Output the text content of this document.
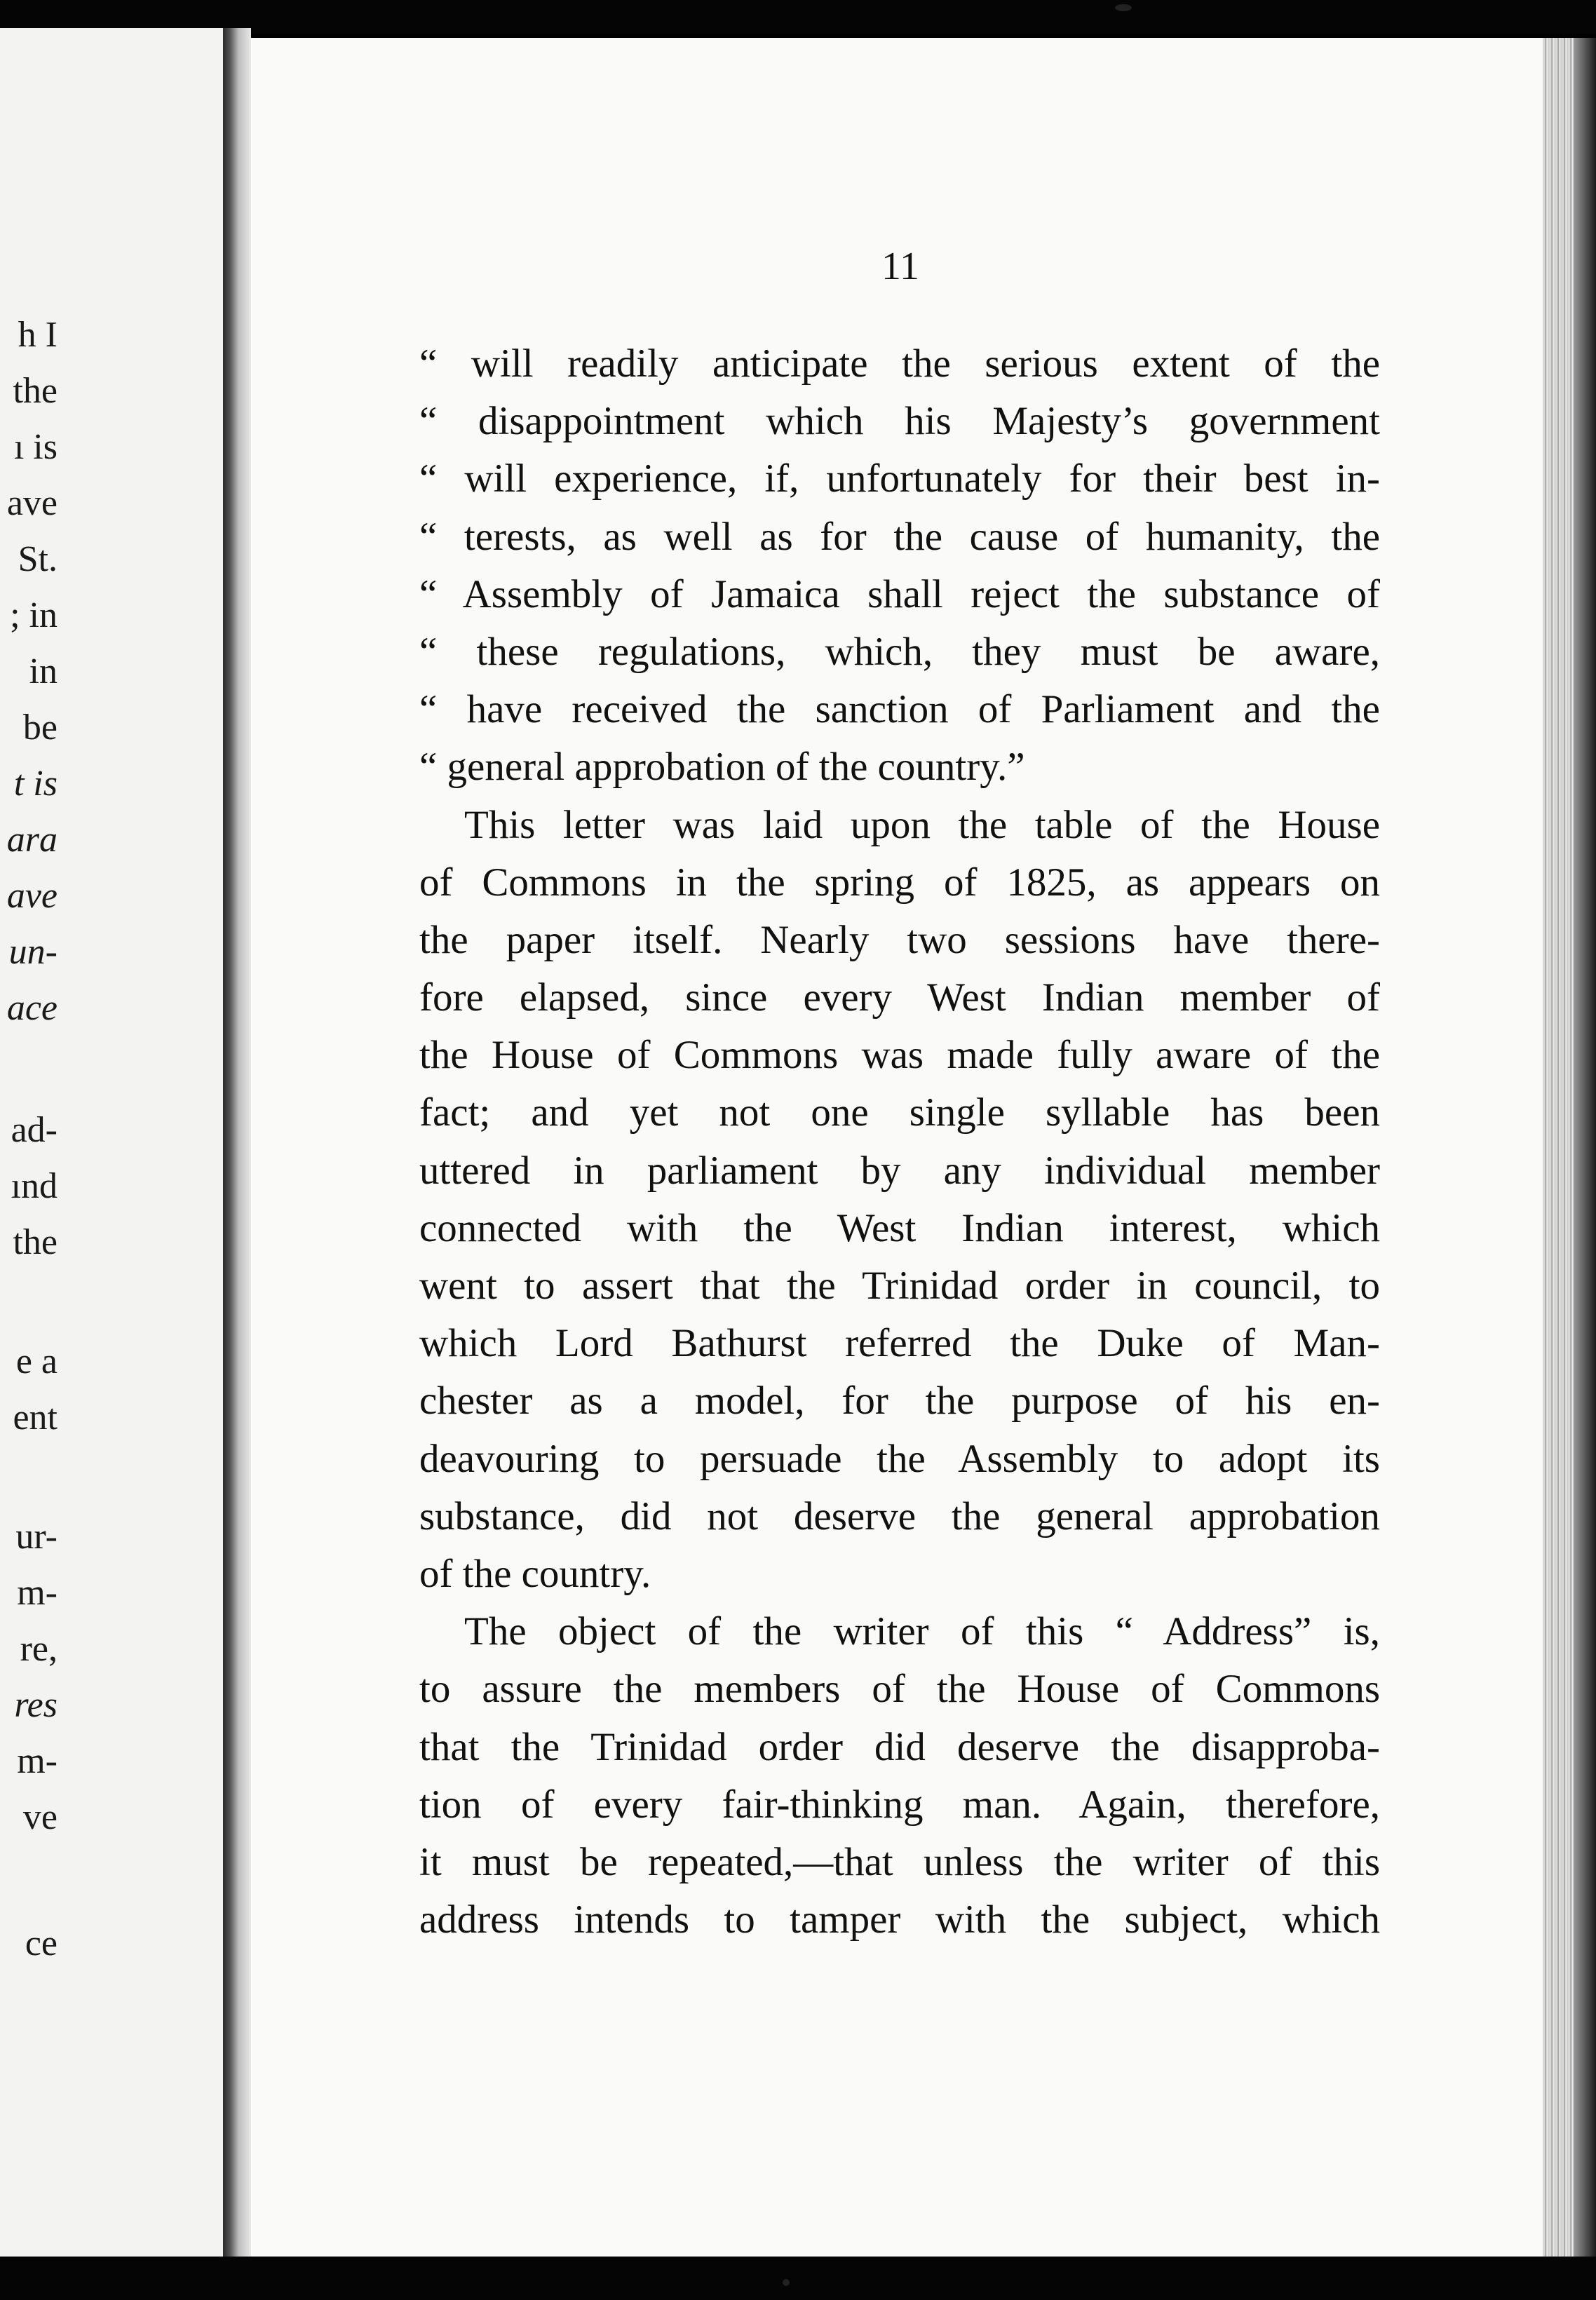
h I
the
ı is
ave
St.
; in
in
be
t is
ara
ave
un-
ace
ad-
ınd
the
e a
ent
ur-
m-
re,
res
m-
ve
ce
11
“ will readily anticipate the serious extent of the
“ disappointment which his Majesty’s government
“ will experience, if, unfortunately for their best in-
“ terests, as well as for the cause of humanity, the
“ Assembly of Jamaica shall reject the substance of
“ these regulations, which, they must be aware,
“ have received the sanction of Parliament and the
“ general approbation of the country.”
This letter was laid upon the table of the House
of Commons in the spring of 1825, as appears on
the paper itself. Nearly two sessions have there-
fore elapsed, since every West Indian member of
the House of Commons was made fully aware of the
fact; and yet not one single syllable has been
uttered in parliament by any individual member
connected with the West Indian interest, which
went to assert that the Trinidad order in council, to
which Lord Bathurst referred the Duke of Man-
chester as a model, for the purpose of his en-
deavouring to persuade the Assembly to adopt its
substance, did not deserve the general approbation
of the country.
The object of the writer of this “ Address” is,
to assure the members of the House of Commons
that the Trinidad order did deserve the disapproba-
tion of every fair-thinking man. Again, therefore,
it must be repeated,—that unless the writer of this
address intends to tamper with the subject, which
